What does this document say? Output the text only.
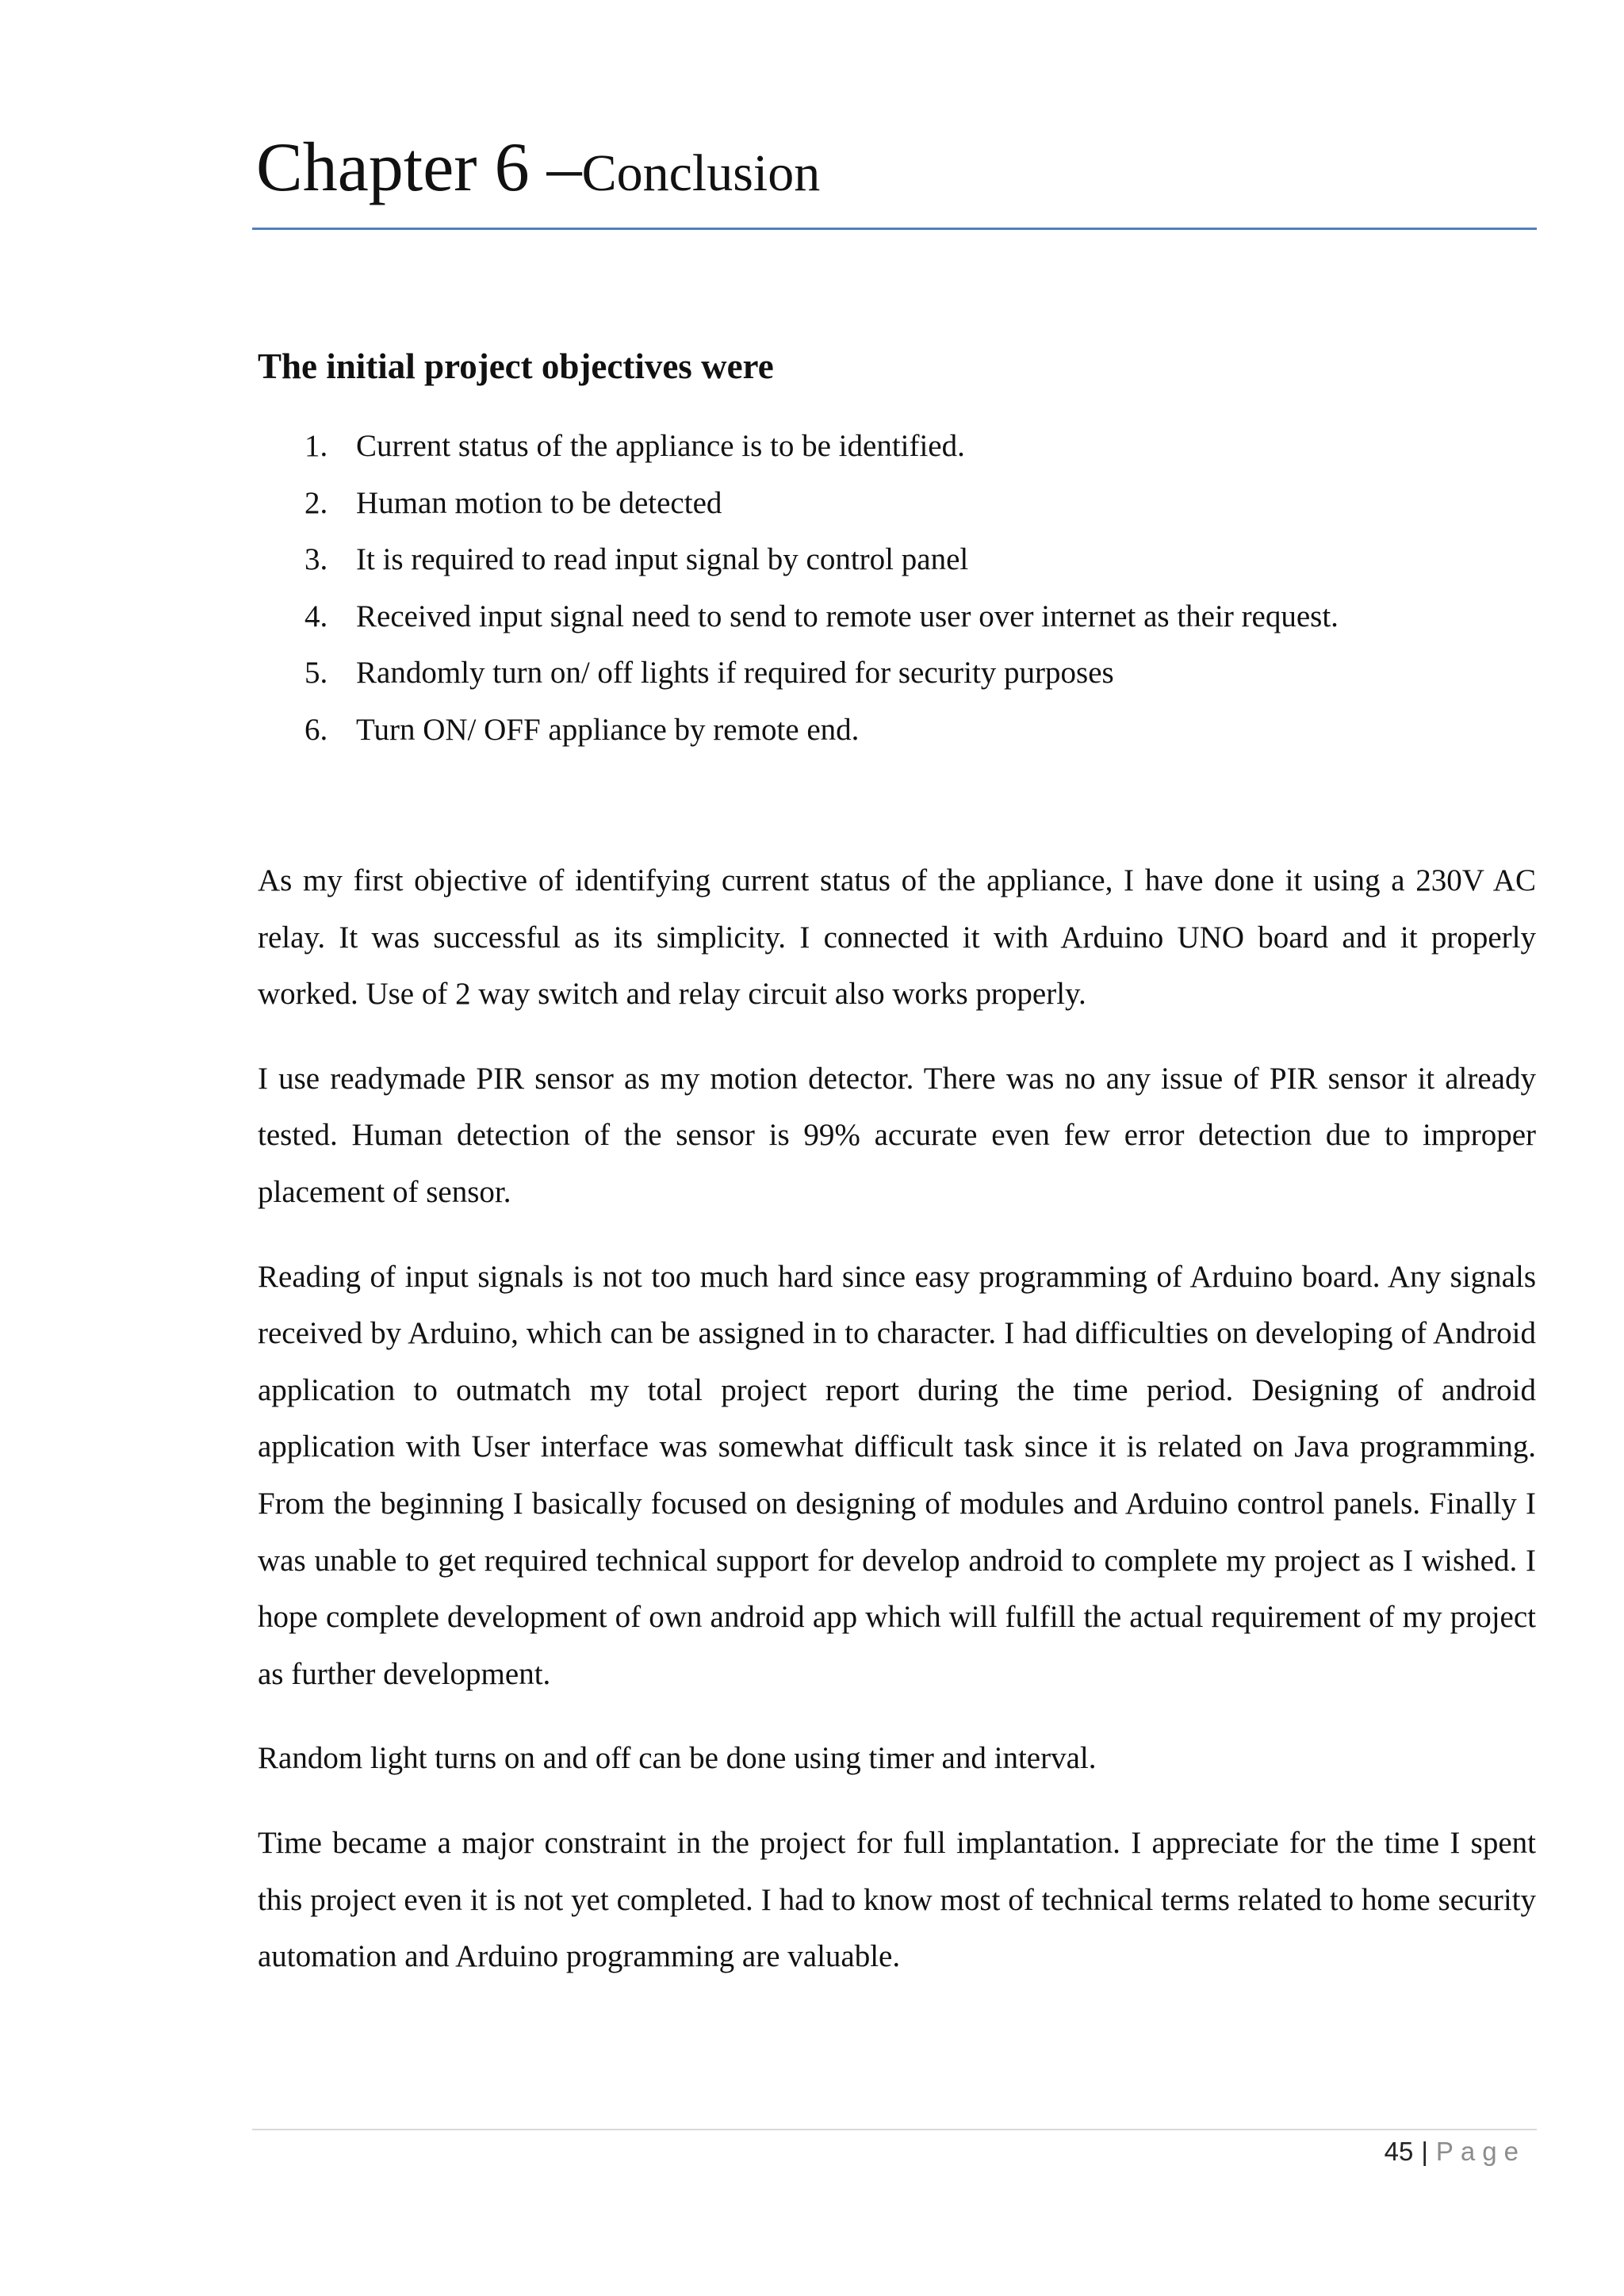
Chapter 6 –Conclusion
The initial project objectives were
1. Current status of the appliance is to be identified.
2. Human motion to be detected
3. It is required to read input signal by control panel
4. Received input signal need to send to remote user over internet as their request.
5. Randomly turn on/ off lights if required for security purposes
6. Turn ON/ OFF appliance by remote end.

As my first objective of identifying current status of the appliance, I have done it using a 230V AC relay. It was successful as its simplicity. I connected it with Arduino UNO board and it properly worked. Use of 2 way switch and relay circuit also works properly.

I use readymade PIR sensor as my motion detector. There was no any issue of PIR sensor it already tested. Human detection of the sensor is 99% accurate even few error detection due to improper placement of sensor.

Reading of input signals is not too much hard since easy programming of Arduino board. Any signals received by Arduino, which can be assigned in to character. I had difficulties on developing of Android application to outmatch my total project report during the time period. Designing of android application with User interface was somewhat difficult task since it is related on Java programming. From the beginning I basically focused on designing of modules and Arduino control panels. Finally I was unable to get required technical support for develop android to complete my project as I wished. I hope complete development of own android app which will fulfill the actual requirement of my project as further development.

Random light turns on and off can be done using timer and interval.

Time became a major constraint in the project for full implantation. I appreciate for the time I spent this project even it is not yet completed. I had to know most of technical terms related to home security automation and Arduino programming are valuable.

45 | Page
